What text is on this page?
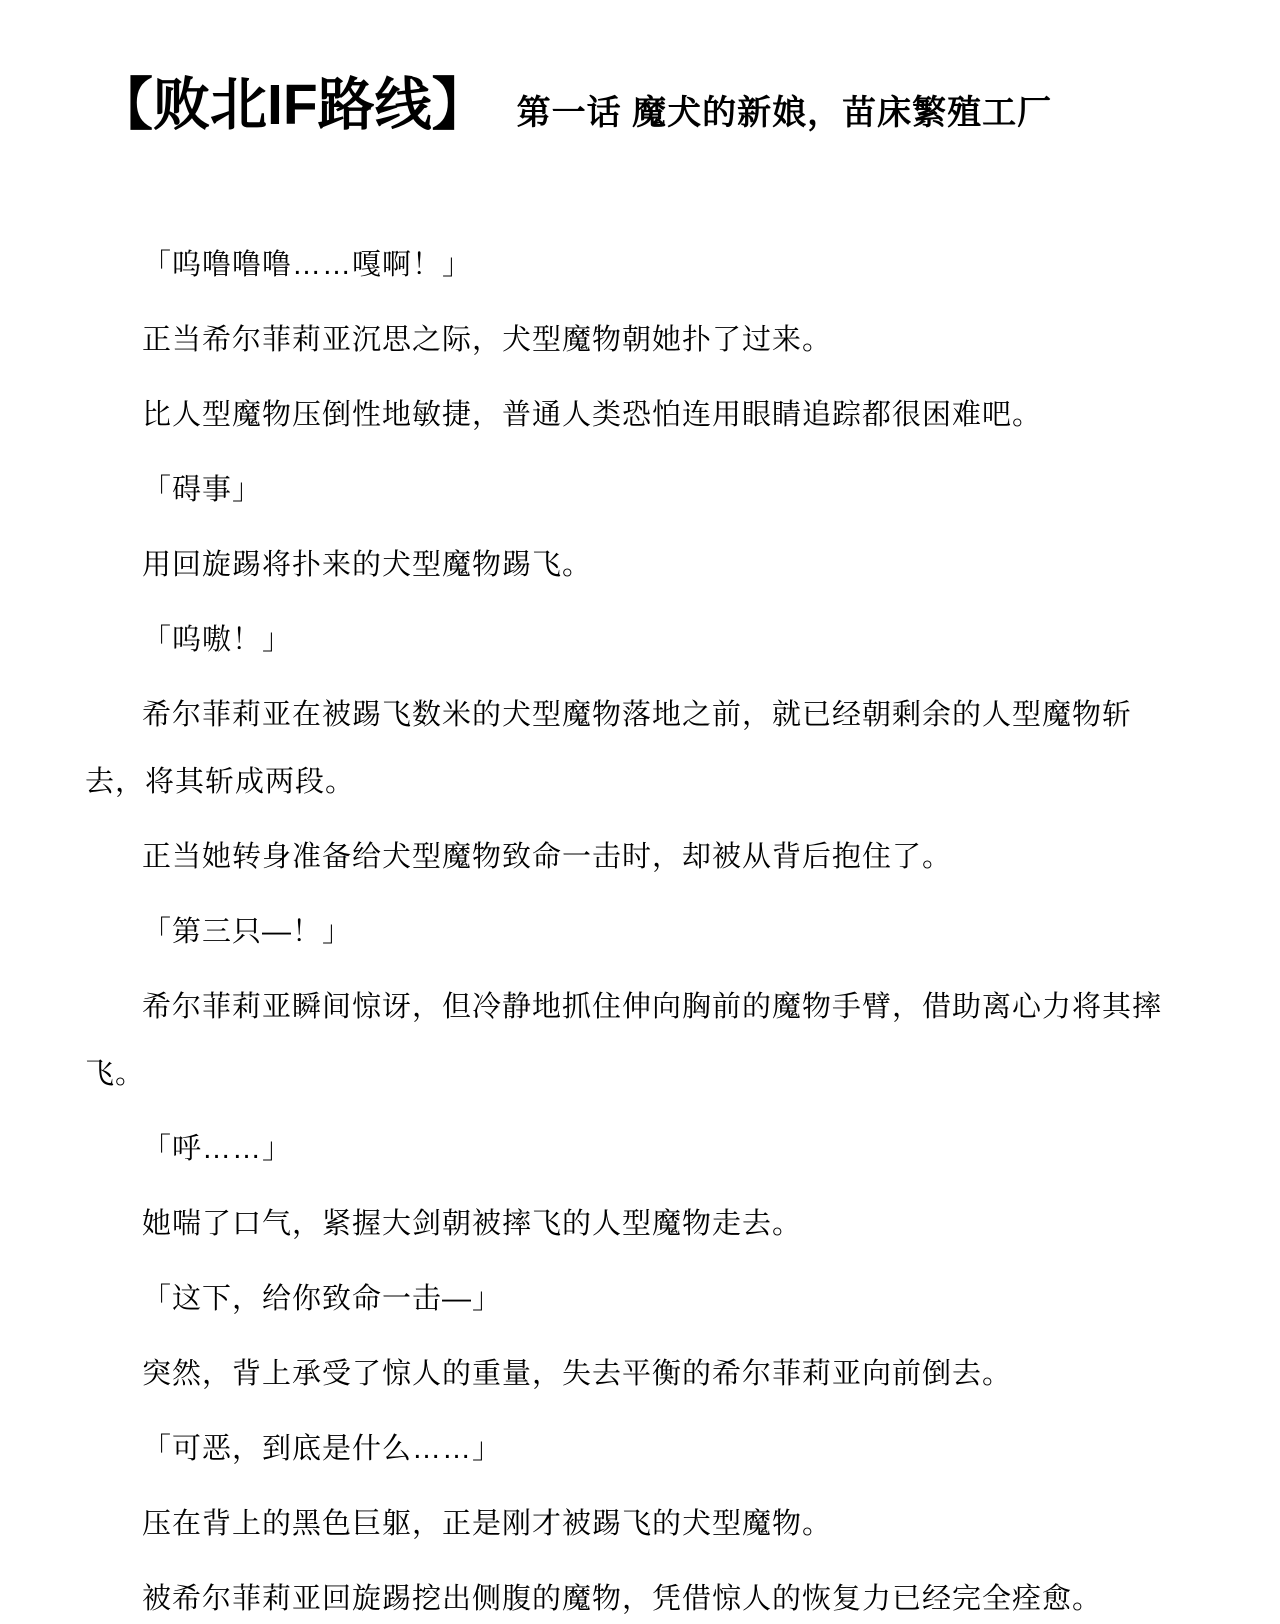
【败北IF路线】 第一话 魔犬的新娘，苗床繁殖工厂

「呜噜噜噜……嘎啊！」

正当希尔菲莉亚沉思之际，犬型魔物朝她扑了过来。

比人型魔物压倒性地敏捷，普通人类恐怕连用眼睛追踪都很困难吧。

「碍事」

用回旋踢将扑来的犬型魔物踢飞。

「呜嗷！」

希尔菲莉亚在被踢飞数米的犬型魔物落地之前，就已经朝剩余的人型魔物斩去，将其斩成两段。

正当她转身准备给犬型魔物致命一击时，却被从背后抱住了。

「第三只—！」

希尔菲莉亚瞬间惊讶，但冷静地抓住伸向胸前的魔物手臂，借助离心力将其摔飞。

「呼……」

她喘了口气，紧握大剑朝被摔飞的人型魔物走去。

「这下，给你致命一击—」

突然，背上承受了惊人的重量，失去平衡的希尔菲莉亚向前倒去。

「可恶，到底是什么……」

压在背上的黑色巨躯，正是刚才被踢飞的犬型魔物。

被希尔菲莉亚回旋踢挖出侧腹的魔物，凭借惊人的恢复力已经完全痊愈。
